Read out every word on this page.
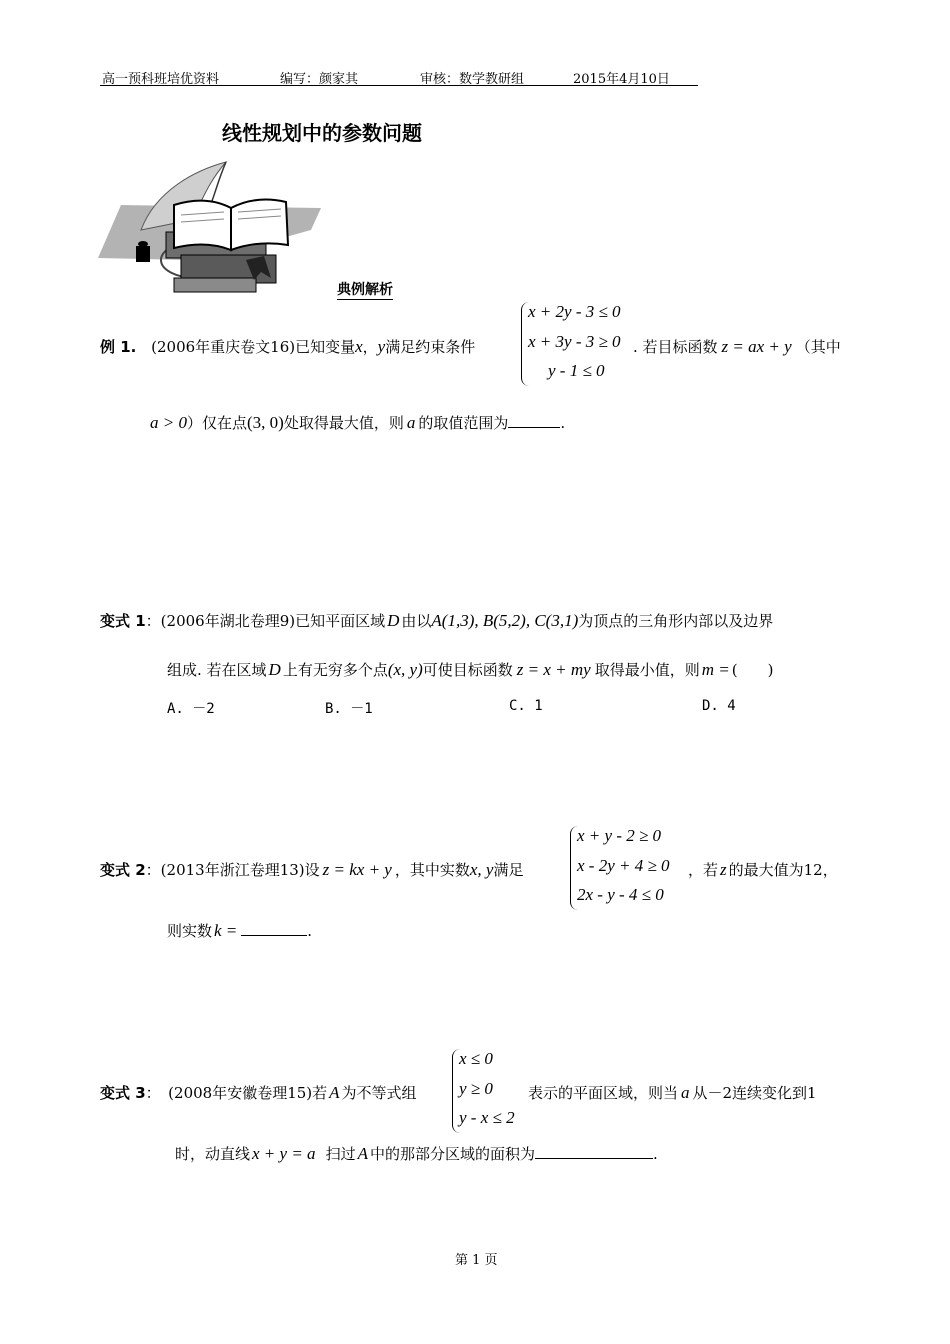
高一预科班培优资料	编写：颜家其	审核：数学教研组	2015年4月10日
线性规划中的参数问题
典例解析
例 1. (2006年重庆卷文16)已知变量x，y满足约束条件
x + 2y - 3 ≤ 0
x + 3y - 3 ≥ 0
y - 1 ≤ 0
. 若目标函数 z = ax + y （其中
a > 0）仅在点(3, 0)处取得最大值，则 a 的取值范围为	.
变式 1：(2006年湖北卷理9)已知平面区域 D 由以A(1,3), B(5,2), C(3,1)为顶点的三角形内部以及边界
组成. 若在区域 D 上有无穷多个点(x, y)可使目标函数 z = x + my 取得最小值，则 m = (　　)
A. －2	B. －1	C. 1	D. 4
变式 2：(2013年浙江卷理13)设 z = kx + y ，其中实数x, y满足
x + y - 2 ≥ 0
x - 2y + 4 ≥ 0
2x - y - 4 ≤ 0
，若 z 的最大值为12，
则实数 k =	.
变式 3：　(2008年安徽卷理15)若 A 为不等式组
x ≤ 0
y ≥ 0
y - x ≤ 2
表示的平面区域，则当 a 从－2连续变化到1
时，动直线 x + y = a 扫过 A 中的那部分区域的面积为	.
第 1 页
